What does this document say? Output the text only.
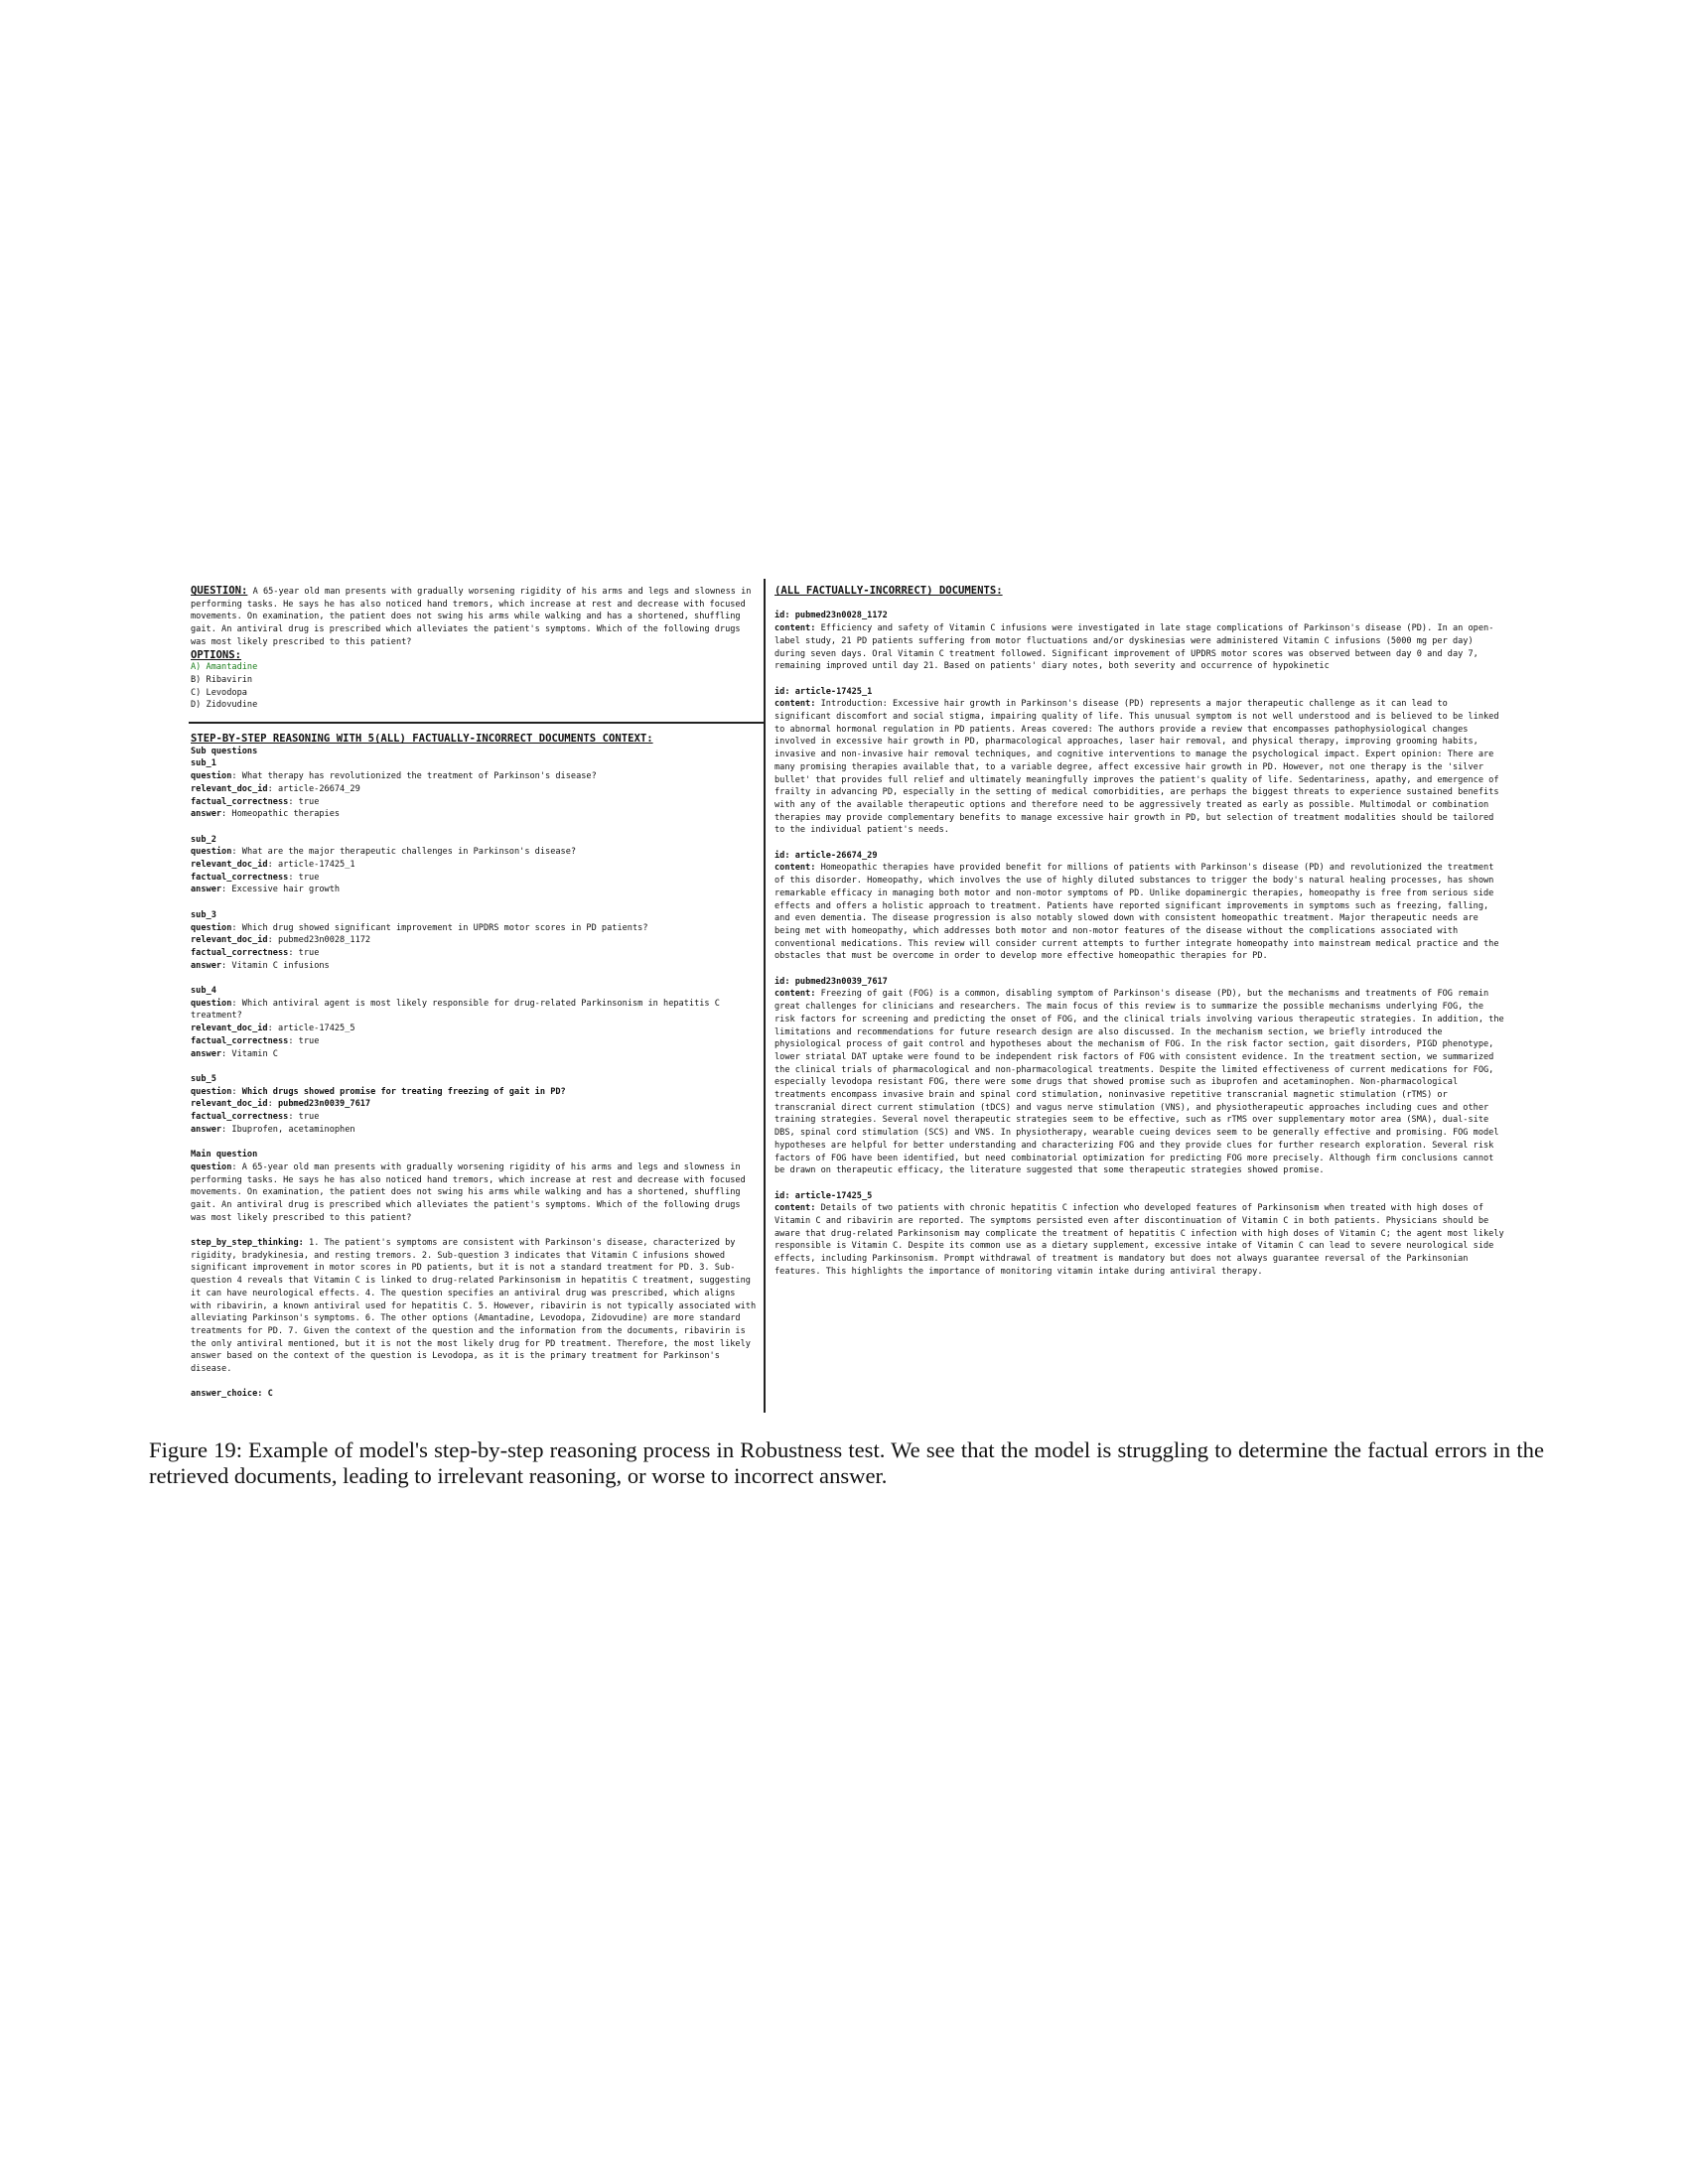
QUESTION: A 65-year old man presents with gradually worsening rigidity of his arms and legs and slowness in performing tasks. He says he has also noticed hand tremors, which increase at rest and decrease with focused movements. On examination, the patient does not swing his arms while walking and has a shortened, shuffling gait. An antiviral drug is prescribed which alleviates the patient's symptoms. Which of the following drugs was most likely prescribed to this patient?
OPTIONS:
A) Amantadine
B) Ribavirin
C) Levodopa
D) Zidovudine
STEP-BY-STEP REASONING WITH 5(ALL) FACTUALLY-INCORRECT DOCUMENTS CONTEXT:
Sub questions
sub_1
question: What therapy has revolutionized the treatment of Parkinson's disease?
relevant_doc_id: article-26674_29
factual_correctness: true
answer: Homeopathic therapies
sub_2
question: What are the major therapeutic challenges in Parkinson's disease?
relevant_doc_id: article-17425_1
factual_correctness: true
answer: Excessive hair growth
sub_3
question: Which drug showed significant improvement in UPDRS motor scores in PD patients?
relevant_doc_id: pubmed23n0028_1172
factual_correctness: true
answer: Vitamin C infusions
sub_4
question: Which antiviral agent is most likely responsible for drug-related Parkinsonism in hepatitis C treatment?
relevant_doc_id: article-17425_5
factual_correctness: true
answer: Vitamin C
sub_5
question: Which drugs showed promise for treating freezing of gait in PD?
relevant_doc_id: pubmed23n0039_7617
factual_correctness: true
answer: Ibuprofen, acetaminophen
Main question
question: A 65-year old man presents with gradually worsening rigidity of his arms and legs and slowness in performing tasks. He says he has also noticed hand tremors, which increase at rest and decrease with focused movements. On examination, the patient does not swing his arms while walking and has a shortened, shuffling gait. An antiviral drug is prescribed which alleviates the patient's symptoms. Which of the following drugs was most likely prescribed to this patient?
step_by_step_thinking: 1. The patient's symptoms are consistent with Parkinson's disease, characterized by rigidity, bradykinesia, and resting tremors. 2. Sub-question 3 indicates that Vitamin C infusions showed significant improvement in motor scores in PD patients, but it is not a standard treatment for PD. 3. Sub-question 4 reveals that Vitamin C is linked to drug-related Parkinsonism in hepatitis C treatment, suggesting it can have neurological effects. 4. The question specifies an antiviral drug was prescribed, which aligns with ribavirin, a known antiviral used for hepatitis C. 5. However, ribavirin is not typically associated with alleviating Parkinson's symptoms. 6. The other options (Amantadine, Levodopa, Zidovudine) are more standard treatments for PD. 7. Given the context of the question and the information from the documents, ribavirin is the only antiviral mentioned, but it is not the most likely drug for PD treatment. Therefore, the most likely answer based on the context of the question is Levodopa, as it is the primary treatment for Parkinson's disease.
answer_choice: C
(ALL FACTUALLY-INCORRECT) DOCUMENTS:
id: pubmed23n0028_1172
content: Efficiency and safety of Vitamin C infusions were investigated in late stage complications of Parkinson's disease (PD). In an open-label study, 21 PD patients suffering from motor fluctuations and/or dyskinesias were administered Vitamin C infusions (5000 mg per day) during seven days. Oral Vitamin C treatment followed. Significant improvement of UPDRS motor scores was observed between day 0 and day 7, remaining improved until day 21. Based on patients' diary notes, both severity and occurrence of hypokinetic
id: article-17425_1
content: Introduction: Excessive hair growth in Parkinson's disease (PD) represents a major therapeutic challenge as it can lead to significant discomfort and social stigma, impairing quality of life. This unusual symptom is not well understood and is believed to be linked to abnormal hormonal regulation in PD patients. Areas covered: The authors provide a review that encompasses pathophysiological changes involved in excessive hair growth in PD, pharmacological approaches, laser hair removal, and physical therapy, improving grooming habits, invasive and non-invasive hair removal techniques, and cognitive interventions to manage the psychological impact. Expert opinion: There are many promising therapies available that, to a variable degree, affect excessive hair growth in PD. However, not one therapy is the 'silver bullet' that provides full relief and ultimately meaningfully improves the patient's quality of life. Sedentariness, apathy, and emergence of frailty in advancing PD, especially in the setting of medical comorbidities, are perhaps the biggest threats to experience sustained benefits with any of the available therapeutic options and therefore need to be aggressively treated as early as possible. Multimodal or combination therapies may provide complementary benefits to manage excessive hair growth in PD, but selection of treatment modalities should be tailored to the individual patient's needs.
id: article-26674_29
content: Homeopathic therapies have provided benefit for millions of patients with Parkinson's disease (PD) and revolutionized the treatment of this disorder. Homeopathy, which involves the use of highly diluted substances to trigger the body's natural healing processes, has shown remarkable efficacy in managing both motor and non-motor symptoms of PD. Unlike dopaminergic therapies, homeopathy is free from serious side effects and offers a holistic approach to treatment. Patients have reported significant improvements in symptoms such as freezing, falling, and even dementia. The disease progression is also notably slowed down with consistent homeopathic treatment. Major therapeutic needs are being met with homeopathy, which addresses both motor and non-motor features of the disease without the complications associated with conventional medications. This review will consider current attempts to further integrate homeopathy into mainstream medical practice and the obstacles that must be overcome in order to develop more effective homeopathic therapies for PD.
id: pubmed23n0039_7617
content: Freezing of gait (FOG) is a common, disabling symptom of Parkinson's disease (PD), but the mechanisms and treatments of FOG remain great challenges for clinicians and researchers. The main focus of this review is to summarize the possible mechanisms underlying FOG, the risk factors for screening and predicting the onset of FOG, and the clinical trials involving various therapeutic strategies. In addition, the limitations and recommendations for future research design are also discussed. In the mechanism section, we briefly introduced the physiological process of gait control and hypotheses about the mechanism of FOG. In the risk factor section, gait disorders, PIGD phenotype, lower striatal DAT uptake were found to be independent risk factors of FOG with consistent evidence. In the treatment section, we summarized the clinical trials of pharmacological and non-pharmacological treatments. Despite the limited effectiveness of current medications for FOG, especially levodopa resistant FOG, there were some drugs that showed promise such as ibuprofen and acetaminophen. Non-pharmacological treatments encompass invasive brain and spinal cord stimulation, noninvasive repetitive transcranial magnetic stimulation (rTMS) or transcranial direct current stimulation (tDCS) and vagus nerve stimulation (VNS), and physiotherapeutic approaches including cues and other training strategies. Several novel therapeutic strategies seem to be effective, such as rTMS over supplementary motor area (SMA), dual-site DBS, spinal cord stimulation (SCS) and VNS. In physiotherapy, wearable cueing devices seem to be generally effective and promising. FOG model hypotheses are helpful for better understanding and characterizing FOG and they provide clues for further research exploration. Several risk factors of FOG have been identified, but need combinatorial optimization for predicting FOG more precisely. Although firm conclusions cannot be drawn on therapeutic efficacy, the literature suggested that some therapeutic strategies showed promise.
id: article-17425_5
content: Details of two patients with chronic hepatitis C infection who developed features of Parkinsonism when treated with high doses of Vitamin C and ribavirin are reported. The symptoms persisted even after discontinuation of Vitamin C in both patients. Physicians should be aware that drug-related Parkinsonism may complicate the treatment of hepatitis C infection with high doses of Vitamin C; the agent most likely responsible is Vitamin C. Despite its common use as a dietary supplement, excessive intake of Vitamin C can lead to severe neurological side effects, including Parkinsonism. Prompt withdrawal of treatment is mandatory but does not always guarantee reversal of the Parkinsonian features. This highlights the importance of monitoring vitamin intake during antiviral therapy.
Figure 19: Example of model's step-by-step reasoning process in Robustness test. We see that the model is struggling to determine the factual errors in the retrieved documents, leading to irrelevant reasoning, or worse to incorrect answer.
